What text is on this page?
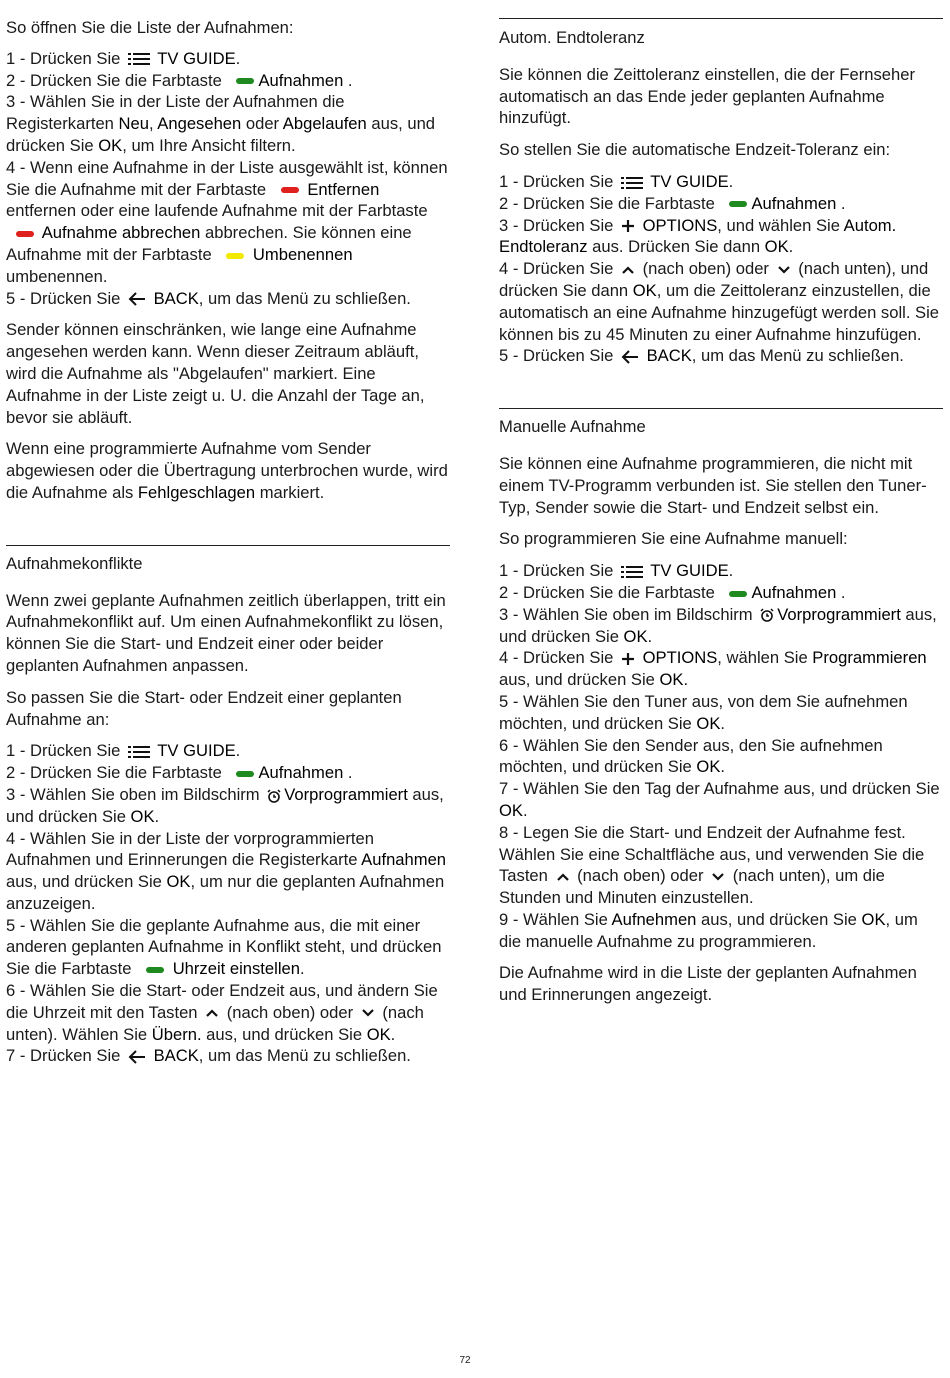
So öffnen Sie die Liste der Aufnahmen:

1 - Drücken Sie  TV GUIDE.

2 - Drücken Sie die Farbtaste Aufnahmen .

3 - Wählen Sie in der Liste der Aufnahmen die Registerkarten Neu, Angesehen oder Abgelaufen aus, und drücken Sie OK, um Ihre Ansicht filtern.

4 - Wenn eine Aufnahme in der Liste ausgewählt ist, können Sie die Aufnahme mit der Farbtaste  Entfernen entfernen oder eine laufende Aufnahme mit der Farbtaste  Aufnahme abbrechen abbrechen. Sie können eine Aufnahme mit der Farbtaste  Umbenennen umbenennen.

5 - Drücken Sie  BACK, um das Menü zu schließen.

Sender können einschränken, wie lange eine Aufnahme angesehen werden kann. Wenn dieser Zeitraum abläuft, wird die Aufnahme als "Abgelaufen" markiert. Eine Aufnahme in der Liste zeigt u. U. die Anzahl der Tage an, bevor sie abläuft.

Wenn eine programmierte Aufnahme vom Sender abgewiesen oder die Übertragung unterbrochen wurde, wird die Aufnahme als Fehlgeschlagen markiert.

Aufnahmekonflikte

Wenn zwei geplante Aufnahmen zeitlich überlappen, tritt ein Aufnahmekonflikt auf. Um einen Aufnahmekonflikt zu lösen, können Sie die Start- und Endzeit einer oder beider geplanten Aufnahmen anpassen.

So passen Sie die Start- oder Endzeit einer geplanten Aufnahme an:

1 - Drücken Sie  TV GUIDE.

2 - Drücken Sie die Farbtaste Aufnahmen .

3 - Wählen Sie oben im Bildschirm Vorprogrammiert aus, und drücken Sie OK.

4 - Wählen Sie in der Liste der vorprogrammierten Aufnahmen und Erinnerungen die Registerkarte Aufnahmen aus, und drücken Sie OK, um nur die geplanten Aufnahmen anzuzeigen.

5 - Wählen Sie die geplante Aufnahme aus, die mit einer anderen geplanten Aufnahme in Konflikt steht, und drücken Sie die Farbtaste  Uhrzeit einstellen.

6 - Wählen Sie die Start- oder Endzeit aus, und ändern Sie die Uhrzeit mit den Tasten  (nach oben) oder  (nach unten). Wählen Sie Übern. aus, und drücken Sie OK.

7 - Drücken Sie  BACK, um das Menü zu schließen.

Autom. Endtoleranz

Sie können die Zeittoleranz einstellen, die der Fernseher automatisch an das Ende jeder geplanten Aufnahme hinzufügt.

So stellen Sie die automatische Endzeit-Toleranz ein:

1 - Drücken Sie  TV GUIDE.

2 - Drücken Sie die Farbtaste Aufnahmen .

3 - Drücken Sie  OPTIONS, und wählen Sie Autom. Endtoleranz aus. Drücken Sie dann OK.

4 - Drücken Sie  (nach oben) oder  (nach unten), und drücken Sie dann OK, um die Zeittoleranz einzustellen, die automatisch an eine Aufnahme hinzugefügt werden soll. Sie können bis zu 45 Minuten zu einer Aufnahme hinzufügen.

5 - Drücken Sie  BACK, um das Menü zu schließen.

Manuelle Aufnahme

Sie können eine Aufnahme programmieren, die nicht mit einem TV-Programm verbunden ist. Sie stellen den Tuner-Typ, Sender sowie die Start- und Endzeit selbst ein.

So programmieren Sie eine Aufnahme manuell:

1 - Drücken Sie  TV GUIDE.

2 - Drücken Sie die Farbtaste Aufnahmen .

3 - Wählen Sie oben im Bildschirm Vorprogrammiert aus, und drücken Sie OK.

4 - Drücken Sie  OPTIONS, wählen Sie Programmieren aus, und drücken Sie OK.

5 - Wählen Sie den Tuner aus, von dem Sie aufnehmen möchten, und drücken Sie OK.

6 - Wählen Sie den Sender aus, den Sie aufnehmen möchten, und drücken Sie OK.

7 - Wählen Sie den Tag der Aufnahme aus, und drücken Sie OK.

8 - Legen Sie die Start- und Endzeit der Aufnahme fest. Wählen Sie eine Schaltfläche aus, und verwenden Sie die Tasten  (nach oben) oder  (nach unten), um die Stunden und Minuten einzustellen.

9 - Wählen Sie Aufnehmen aus, und drücken Sie OK, um die manuelle Aufnahme zu programmieren.

Die Aufnahme wird in die Liste der geplanten Aufnahmen und Erinnerungen angezeigt.

72
